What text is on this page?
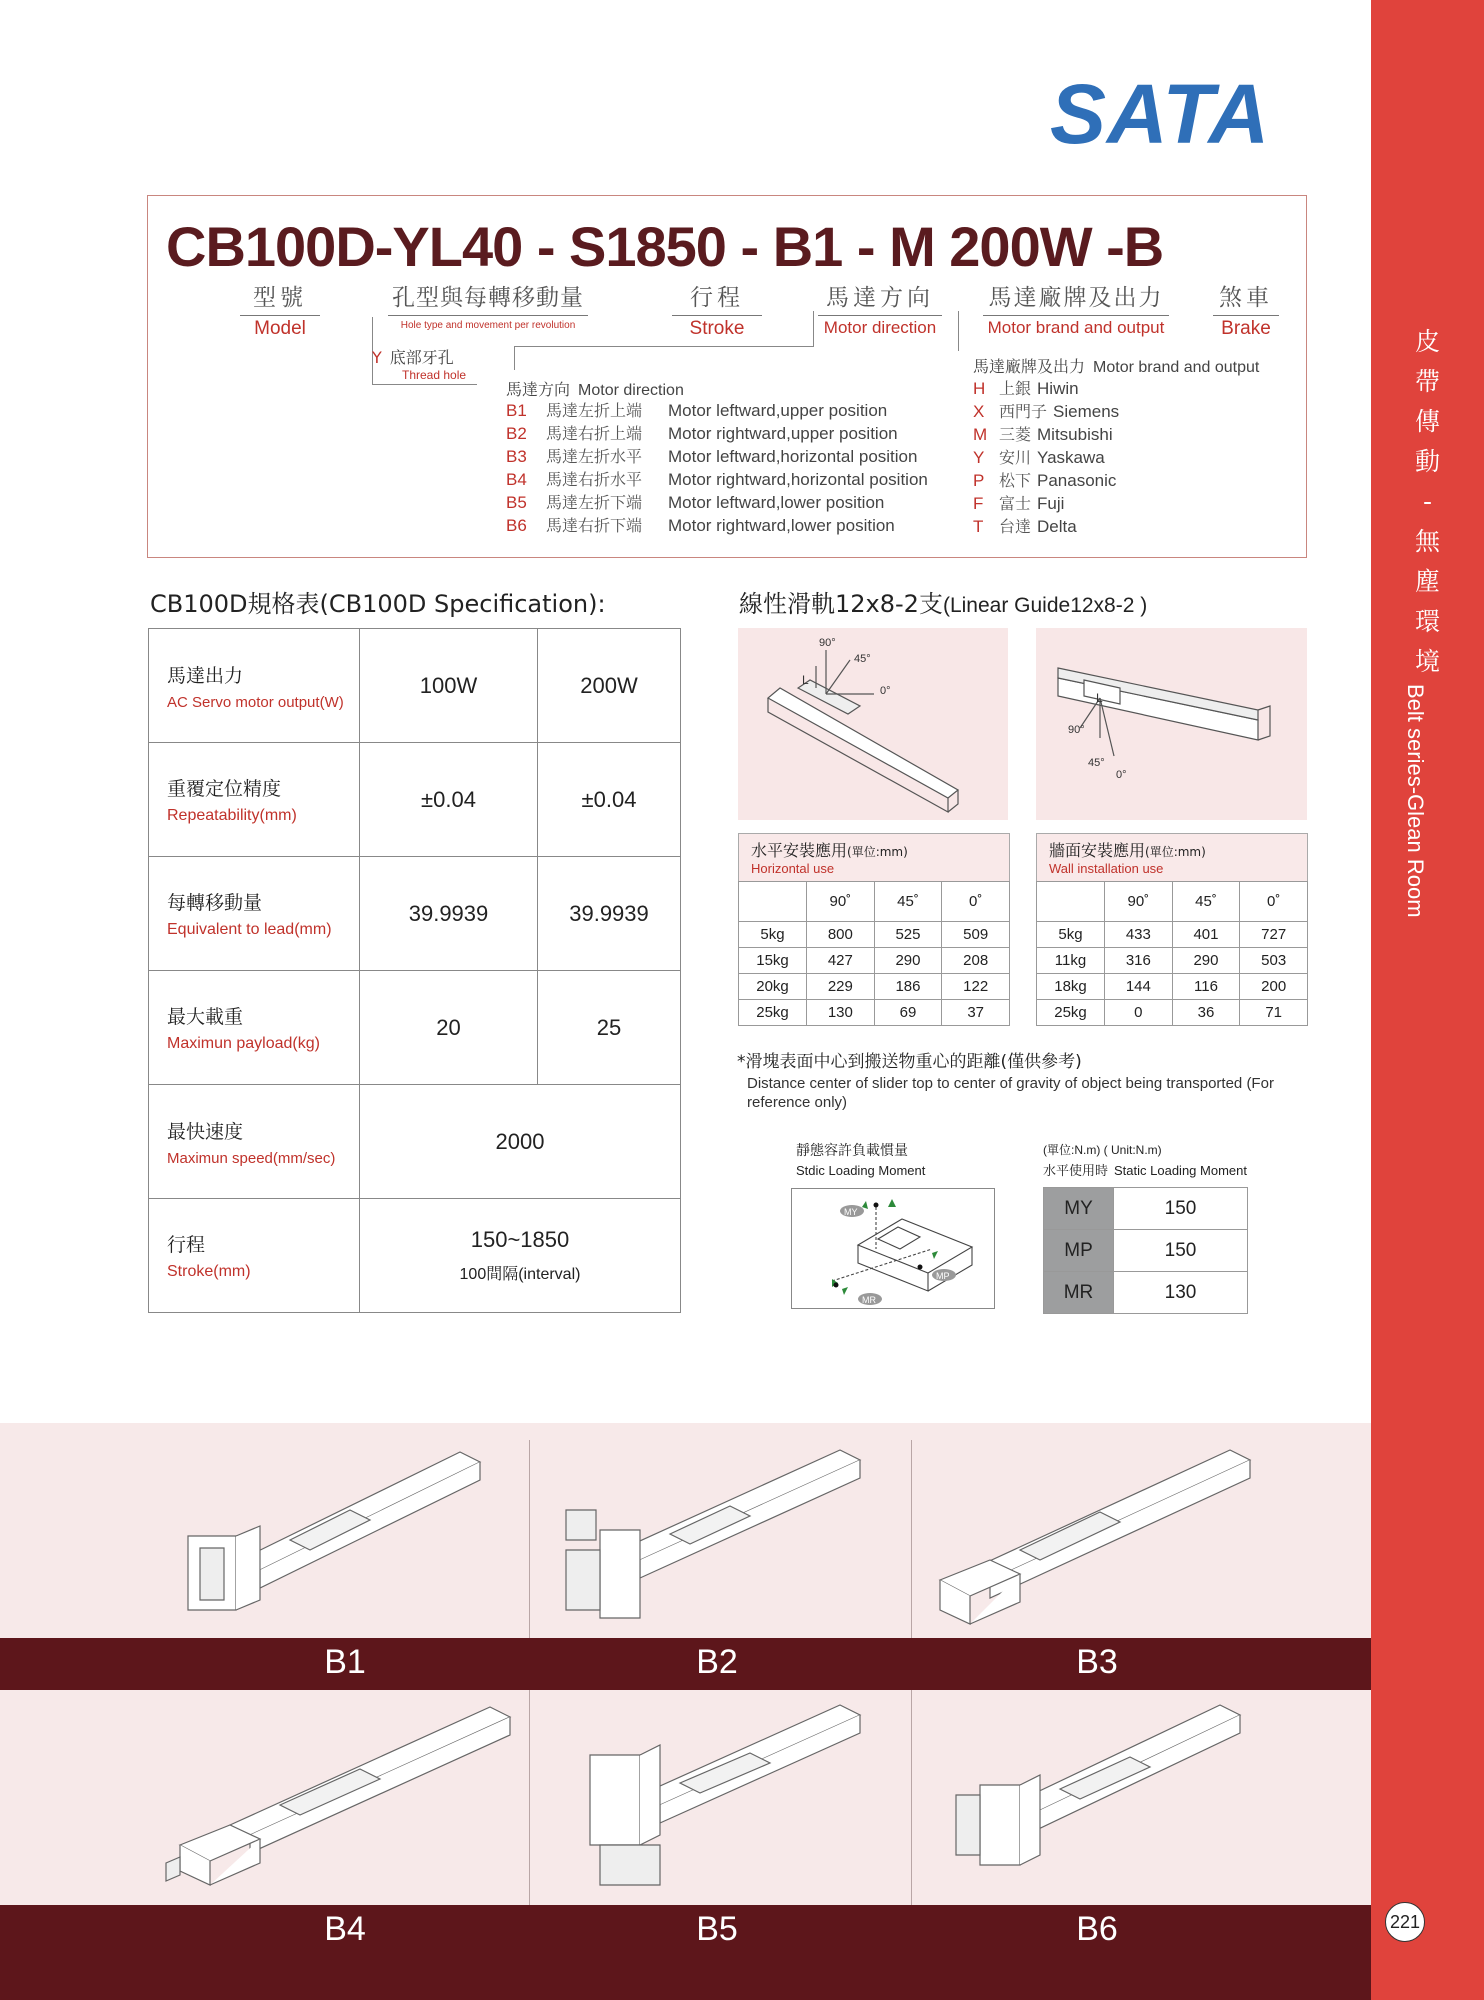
皮
帶
傳
動
-
無
塵
環
境
Belt series-Glean Room
221
SATA
CB100D-YL40 - S1850 - B1 - M 200W -B
型號
Model
孔型與每轉移動量
Hole type and movement per revolution
行程
Stroke
馬達方向
Motor direction
馬達廠牌及出力
Motor brand and output
煞車
Brake
Y 底部牙孔
Thread hole
馬達方向 Motor direction
B1 馬達左折上端 Motor leftward,upper position
B2 馬達右折上端 Motor rightward,upper position
B3 馬達左折水平 Motor leftward,horizontal position
B4 馬達右折水平 Motor rightward,horizontal position
B5 馬達左折下端 Motor leftward,lower position
B6 馬達右折下端 Motor rightward,lower position
馬達廠牌及出力 Motor brand and output
H 上銀 Hiwin
X 西門子 Siemens
M 三菱 Mitsubishi
Y 安川 Yaskawa
P 松下 Panasonic
F 富士 Fuji
T 台達 Delta
CB100D規格表(CB100D Specification):
馬達出力
AC Servo motor output(W)	100W	200W

重覆定位精度
Repeatability(mm)	±0.04	±0.04

每轉移動量
Equivalent to lead(mm)	39.9939	39.9939

最大載重
Maximun payload(kg)	20	25

最快速度
Maximun speed(mm/sec)	2000	

行程
Stroke(mm)	150~1850
100間隔(interval)	
線性滑軌12x8-2支(Linear Guide12x8-2 )
90°
45°
0°
L
90°
45°
0°
L
水平安裝應用(單位:mm)
Horizontal use
	90˚	45˚	0˚
5kg	800	525	509
15kg	427	290	208
20kg	229	186	122
25kg	130	69	37
牆面安裝應用(單位:mm)
Wall installation use
	90˚	45˚	0˚
5kg	433	401	727
11kg	316	290	503
18kg	144	116	200
25kg	0	36	71
*滑塊表面中心到搬送物重心的距離(僅供參考)
Distance center of slider top to center of gravity of object being transported (For reference only)
靜態容許負載慣量
Stdic Loading Moment
MY
MP
MR
(單位:N.m) ( Unit:N.m)
水平使用時 Static Loading Moment
MY	150
MP	150
MR	130
B1	B2	B3
B4	B5	B6
